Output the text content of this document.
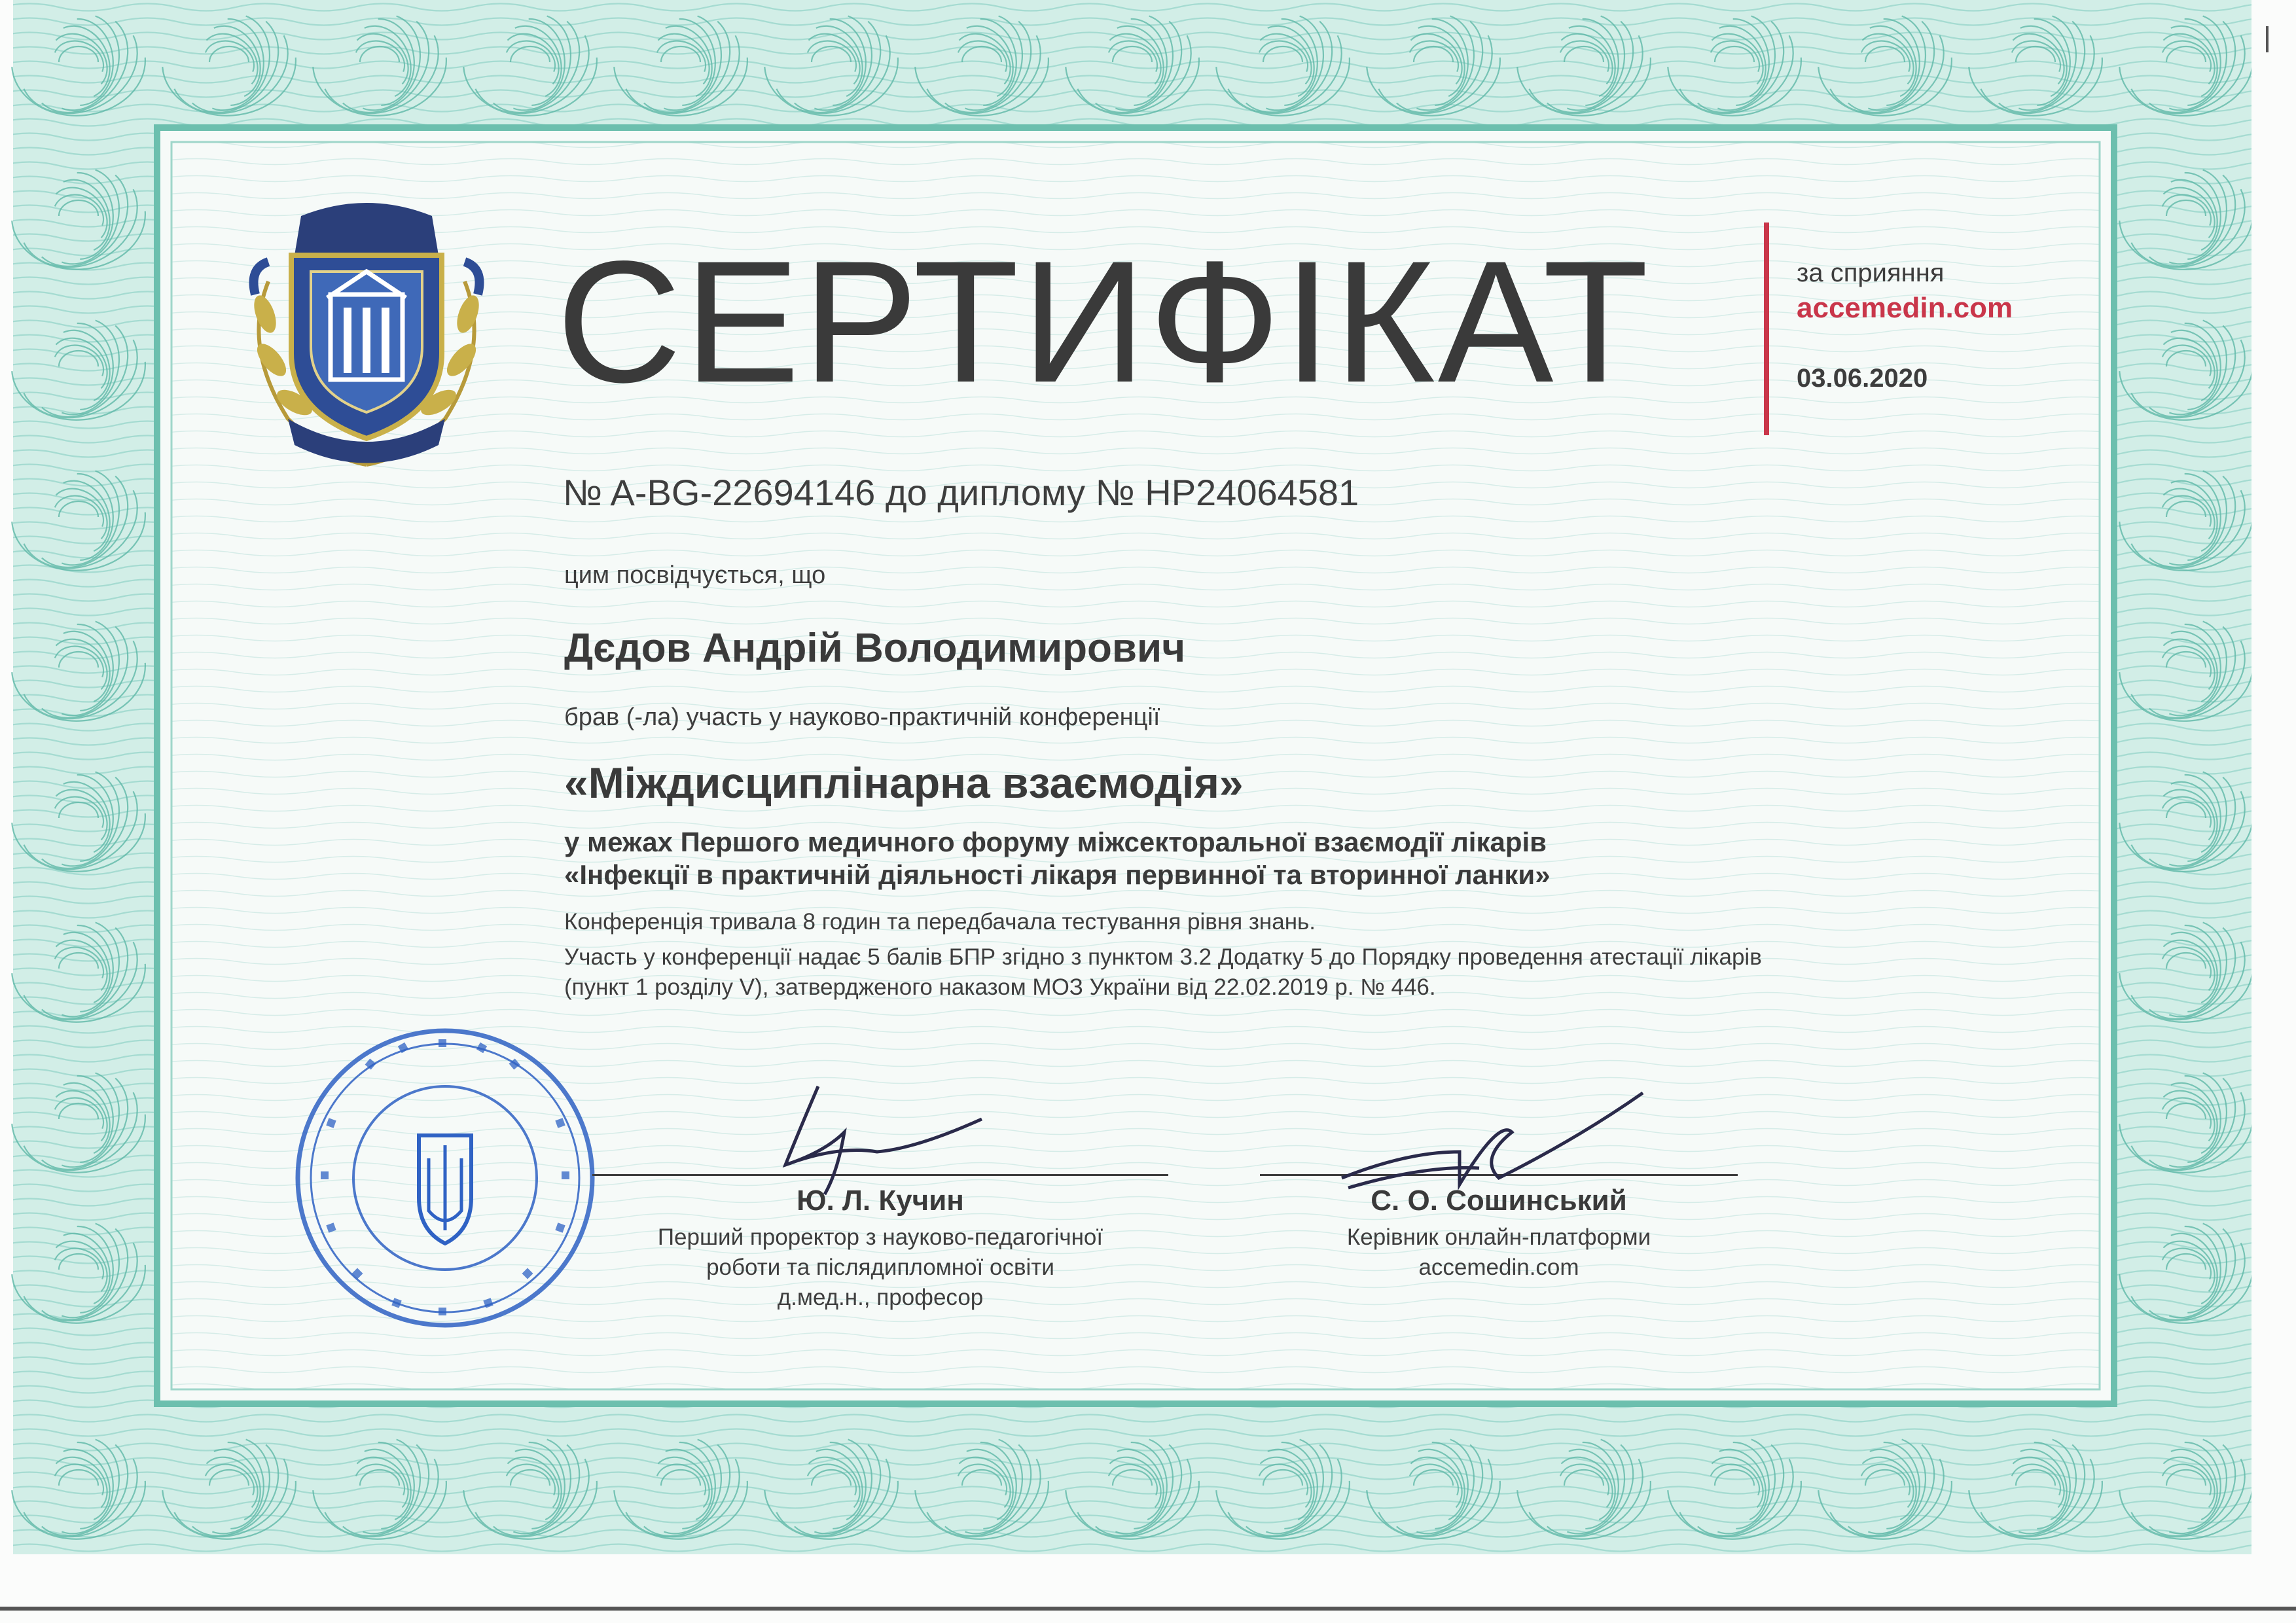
СЕРТИФІКАТ	за сприяння
accemedin.com
03.06.2020
№ A-BG-22694146 до диплому № НР24064581
цим посвідчується, що
Дєдов Андрій Володимирович
брав (-ла) участь у науково-практичній конференції
«Міждисциплінарна взаємодія»
у межах Першого медичного форуму міжсекторальної взаємодії лікарів
«Інфекції в практичній діяльності лікаря первинної та вторинної ланки»
Конференція тривала 8 годин та передбачала тестування рівня знань.
Участь у конференції надає 5 балів БПР згідно з пунктом 3.2 Додатку 5 до Порядку проведення атестації лікарів
(пункт 1 розділу V), затвердженого наказом МОЗ України від 22.02.2019 р. № 446.
Ю. Л. Кучин
Перший проректор з науково-педагогічної
роботи та післядипломної освіти
д.мед.н., професор
С. О. Сошинський
Керівник онлайн-платформи
accemedin.com
